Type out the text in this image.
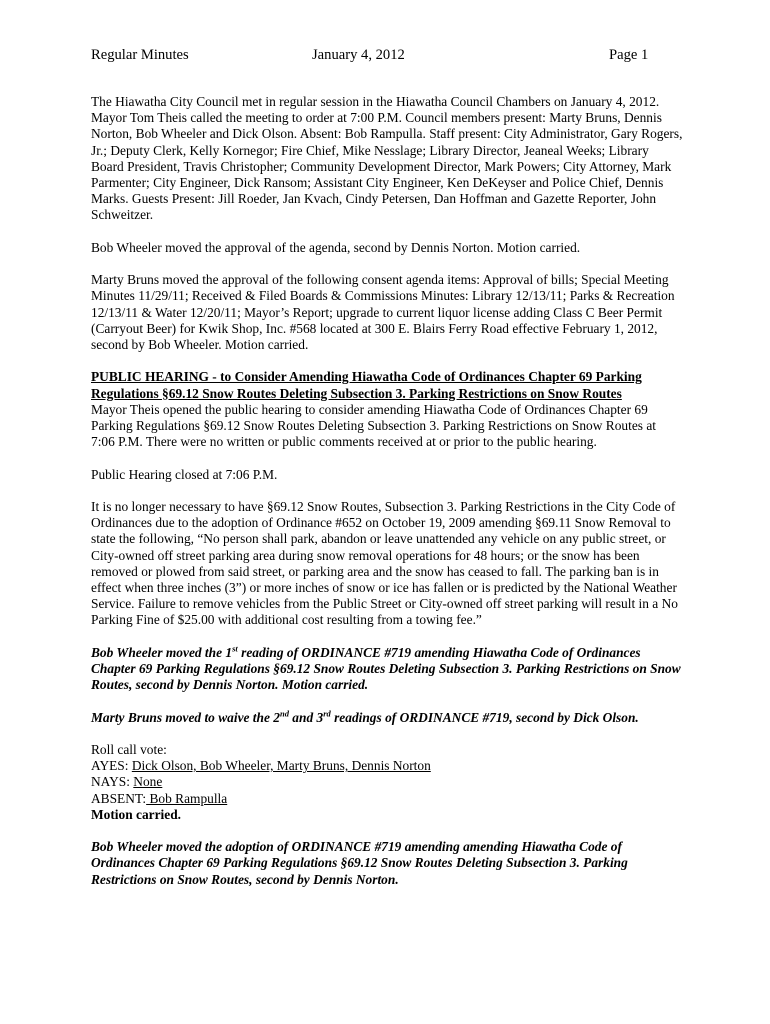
Regular Minutes	January 4, 2012	Page 1

The Hiawatha City Council met in regular session in the Hiawatha Council Chambers on January 4, 2012. Mayor Tom Theis called the meeting to order at 7:00 P.M. Council members present: Marty Bruns, Dennis Norton, Bob Wheeler and Dick Olson. Absent: Bob Rampulla. Staff present: City Administrator, Gary Rogers, Jr.; Deputy Clerk, Kelly Kornegor; Fire Chief, Mike Nesslage; Library Director, Jeaneal Weeks; Library Board President, Travis Christopher; Community Development Director, Mark Powers; City Attorney, Mark Parmenter; City Engineer, Dick Ransom; Assistant City Engineer, Ken DeKeyser and Police Chief, Dennis Marks. Guests Present: Jill Roeder, Jan Kvach, Cindy Petersen, Dan Hoffman and Gazette Reporter, John Schweitzer.

Bob Wheeler moved the approval of the agenda, second by Dennis Norton. Motion carried.

Marty Bruns moved the approval of the following consent agenda items: Approval of bills; Special Meeting Minutes 11/29/11; Received & Filed Boards & Commissions Minutes: Library 12/13/11; Parks & Recreation 12/13/11 & Water 12/20/11; Mayor’s Report; upgrade to current liquor license adding Class C Beer Permit (Carryout Beer) for Kwik Shop, Inc. #568 located at 300 E. Blairs Ferry Road effective February 1, 2012, second by Bob Wheeler. Motion carried.

PUBLIC HEARING - to Consider Amending Hiawatha Code of Ordinances Chapter 69 Parking Regulations §69.12 Snow Routes Deleting Subsection 3. Parking Restrictions on Snow Routes

Mayor Theis opened the public hearing to consider amending Hiawatha Code of Ordinances Chapter 69 Parking Regulations §69.12 Snow Routes Deleting Subsection 3. Parking Restrictions on Snow Routes at 7:06 P.M. There were no written or public comments received at or prior to the public hearing.

Public Hearing closed at 7:06 P.M.

It is no longer necessary to have §69.12 Snow Routes, Subsection 3. Parking Restrictions in the City Code of Ordinances due to the adoption of Ordinance #652 on October 19, 2009 amending §69.11 Snow Removal to state the following, “No person shall park, abandon or leave unattended any vehicle on any public street, or City-owned off street parking area during snow removal operations for 48 hours; or the snow has been removed or plowed from said street, or parking area and the snow has ceased to fall. The parking ban is in effect when three inches (3”) or more inches of snow or ice has fallen or is predicted by the National Weather Service. Failure to remove vehicles from the Public Street or City-owned off street parking will result in a No Parking Fine of $25.00 with additional cost resulting from a towing fee.”

Bob Wheeler moved the 1st reading of ORDINANCE #719 amending Hiawatha Code of Ordinances Chapter 69 Parking Regulations §69.12 Snow Routes Deleting Subsection 3. Parking Restrictions on Snow Routes, second by Dennis Norton. Motion carried.

Marty Bruns moved to waive the 2nd and 3rd readings of ORDINANCE #719, second by Dick Olson.

Roll call vote:
AYES: Dick Olson, Bob Wheeler, Marty Bruns, Dennis Norton
NAYS: None
ABSENT: Bob Rampulla
Motion carried.

Bob Wheeler moved the adoption of ORDINANCE #719 amending amending Hiawatha Code of Ordinances Chapter 69 Parking Regulations §69.12 Snow Routes Deleting Subsection 3. Parking Restrictions on Snow Routes, second by Dennis Norton.
